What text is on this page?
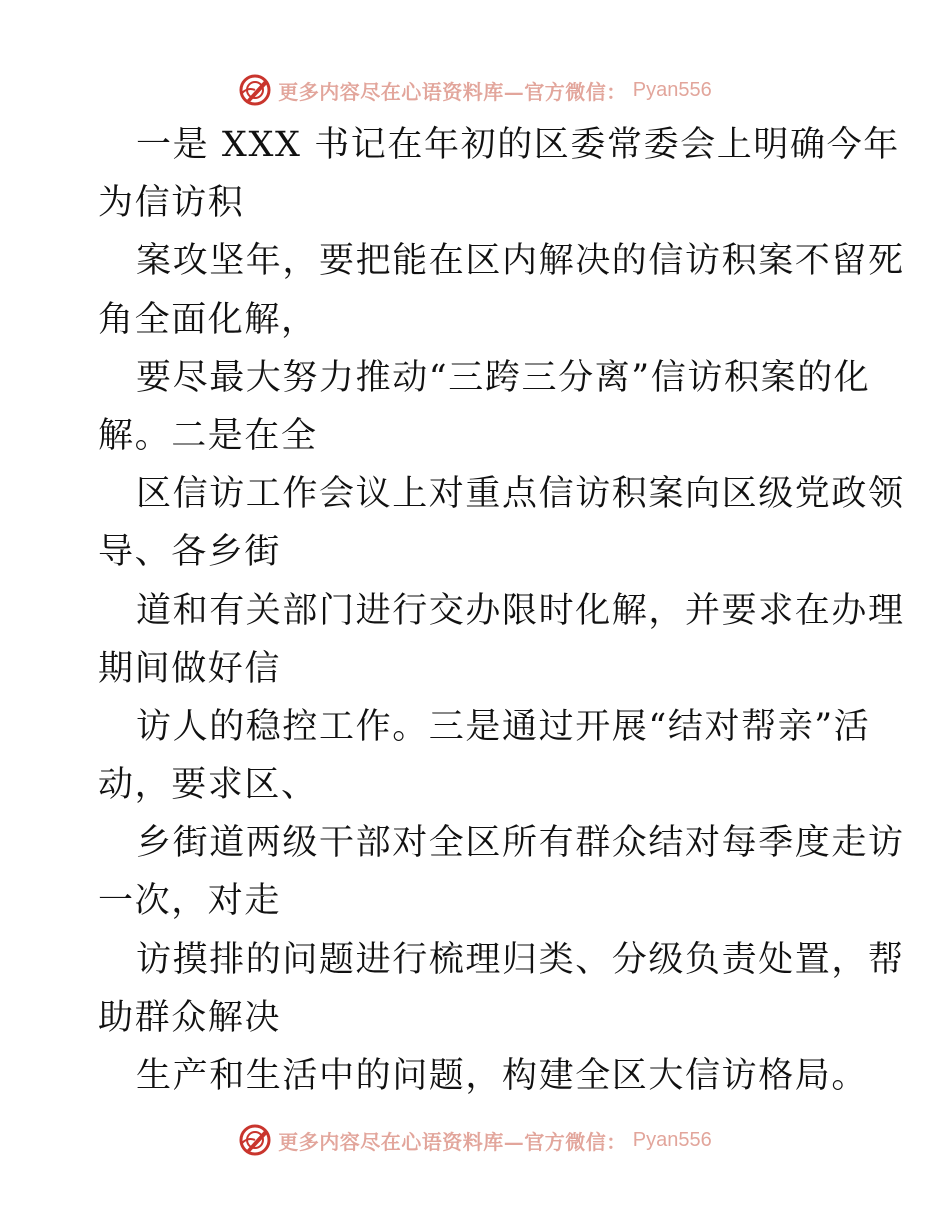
更多内容尽在心语资料库—官方微信： Pyan556
一是 XXX 书记在年初的区委常委会上明确今年
为信访积
案攻坚年，要把能在区内解决的信访积案不留死
角全面化解，
要尽最大努力推动“三跨三分离”信访积案的化
解。二是在全
区信访工作会议上对重点信访积案向区级党政领
导、各乡街
道和有关部门进行交办限时化解，并要求在办理
期间做好信
访人的稳控工作。三是通过开展“结对帮亲”活
动，要求区、
乡街道两级干部对全区所有群众结对每季度走访
一次，对走
访摸排的问题进行梳理归类、分级负责处置，帮
助群众解决
生产和生活中的问题，构建全区大信访格局。
更多内容尽在心语资料库—官方微信： Pyan556
